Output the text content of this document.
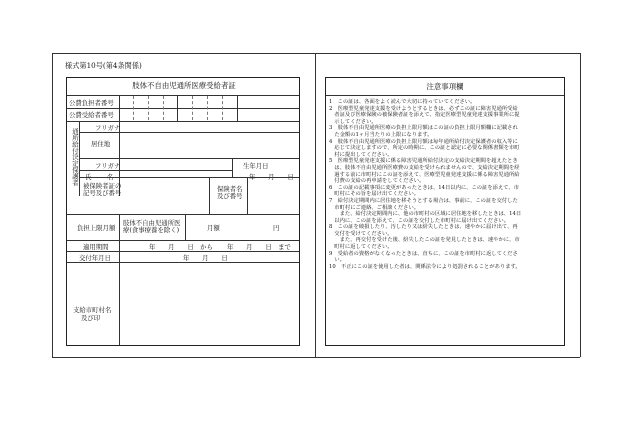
様式第10号(第4条関係)
肢体不自由児通所医療受給者証
公費負担者番号
公費受給者番号
通所給付決定保護者	フリガナ
居住地
フリガナ	生年月日
氏 名	年　　月　　日
被保険者証の
記号及び番号	保険者名
及び番号
負担上限月額
肢体不自由児通所医
療(食事療養を除く)	月額	円
適用期間	年　　月　　日　から 年　　月　　日　まで
交付年月日	年　　月　　日
支給市町村名
及び印
注意事項欄
1　この証は、各面をよく読んで大切に持っていてください。
2　医療型児童発達支援を受けようとするときは、必ずこの証に障害児通所受給
　者証及び医療保険の被保険者証を添えて、指定医療型児童発達支援事業所に提
　示してください。
3　肢体不自由児通所医療の負担上限月額はこの証の負担上限月額欄に記載され
　た金額の1ヶ月当たりの上限になります。
4　肢体不自由児通所医療の負担上限月額は毎年通所給付決定保護者の収入等に
　応じて決定しますので、所定の時期に、この証と認定に必要な関係書類を市町
　村に提出してください。
5　医療型児童発達支援に係る障害児通所給付決定の支給決定期間を超えたとき
　は、肢体不自由児通所医療費の支給を受けられませんので、支給決定期間を経
　過する前に市町村にこの証を添えて、医療型児童発達支援に係る障害児通所給
　付費の支給の再申請をしてください。
6　この証の記載事項に変更があったときは、14日以内に、この証を添えて、市
　町村にその旨を届け出てください。
7　給付決定期間内に居住地を移そうとする場合は、事前に、この証を交付した
　市町村にご連絡、ご相談ください。
　　また、給付決定期間内に、他の市町村の区域に居住地を移したときは、14日
　以内に、この証を添えて、この証を交付した市町村に届け出てください。
8　この証を破損したり、汚したり又は紛失したときは、速やかに届け出て、再
　交付を受けてください。
　　また、再交付を受けた後、紛失したこの証を発見したときは、速やかに、市
　町村に返してください。
9　受給者の資格がなくなったときは、直ちに、この証を市町村に返してくださ
　い。
10　不正にこの証を使用した者は、関係法令により処罰されることがあります。
